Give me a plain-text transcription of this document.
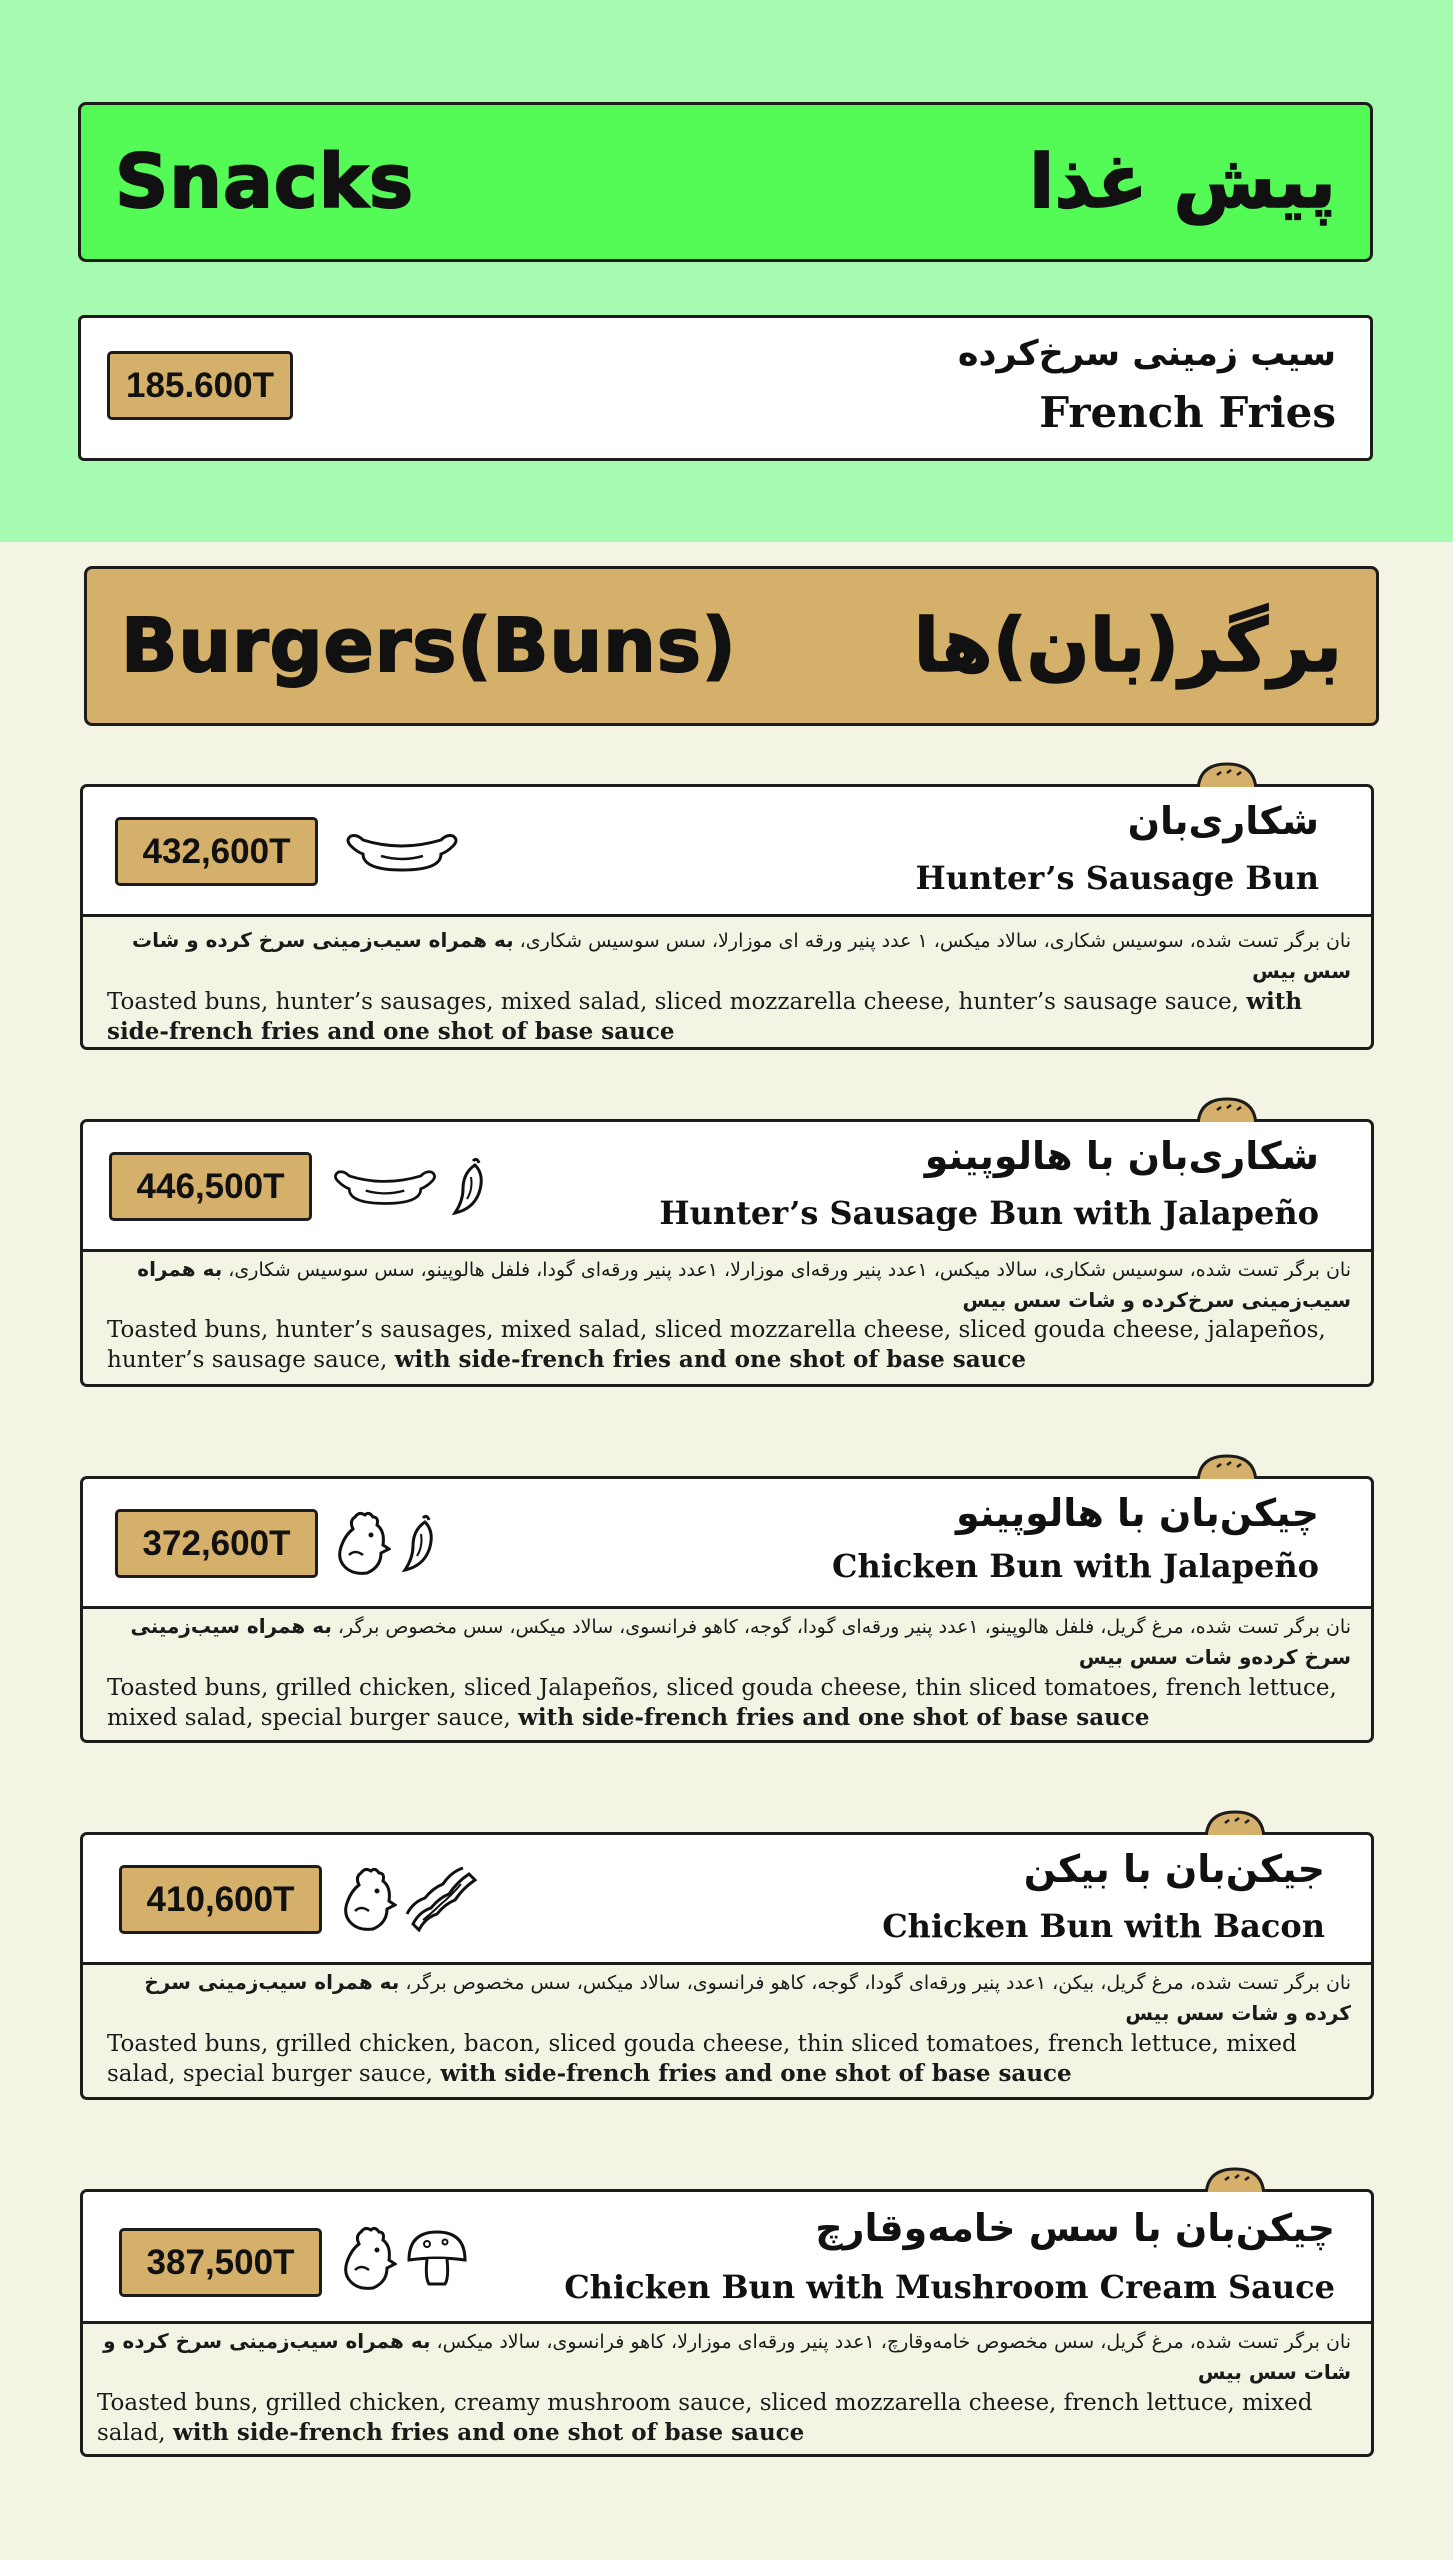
Snacks	پیش غذا
185.600T
سیب زمینی سرخ‌کرده
French Fries
Burgers(Buns) برگر(بان)ها
432,600T
شکاری‌بان
Hunter’s Sausage Bun
نان برگر تست شده، سوسیس شکاری، سالاد میکس، ۱ عدد پنیر ورقه ای موزارلا، سس سوسیس شکاری، به همراه سیب‌زمینی سرخ کرده و شات سس بیس
Toasted buns, hunter’s sausages, mixed salad, sliced mozzarella cheese, hunter’s sausage sauce, with side-french fries and one shot of base sauce
446,500T
شکاری‌بان با هالوپینو
Hunter’s Sausage Bun with Jalapeño
نان برگر تست شده، سوسیس شکاری، سالاد میکس، ۱عدد پنیر ورقه‌ای موزارلا، ۱عدد پنیر ورقه‌ای گودا، فلفل هالوپینو، سس سوسیس شکاری، به همراه سیب‌زمینی سرخ‌کرده و شات سس بیس
Toasted buns, hunter’s sausages, mixed salad, sliced mozzarella cheese, sliced gouda cheese, jalapeños, hunter’s sausage sauce, with side-french fries and one shot of base sauce
372,600T
چیکن‌بان با هالوپینو
Chicken Bun with Jalapeño
نان برگر تست شده، مرغ گریل، فلفل هالوپینو، ۱عدد پنیر ورقه‌ای گودا، گوجه، کاهو فرانسوی، سالاد میکس، سس مخصوص برگر، به همراه سیب‌زمینی سرخ کرده‌و شات سس بیس
Toasted buns, grilled chicken, sliced Jalapeños, sliced gouda cheese, thin sliced tomatoes, french lettuce, mixed salad, special burger sauce, with side-french fries and one shot of base sauce
410,600T
جیکن‌بان با بیکن
Chicken Bun with Bacon
نان برگر تست شده، مرغ گریل، بیکن، ۱عدد پنیر ورقه‌ای گودا، گوجه، کاهو فرانسوی، سالاد میکس، سس مخصوص برگر، به همراه سیب‌زمینی سرخ کرده و شات سس بیس
Toasted buns, grilled chicken, bacon, sliced gouda cheese, thin sliced tomatoes, french lettuce, mixed salad, special burger sauce, with side-french fries and one shot of base sauce
387,500T
چیکن‌بان با سس خامه‌وقارچ
Chicken Bun with Mushroom Cream Sauce
نان برگر تست شده، مرغ گریل، سس مخصوص خامه‌وقارچ، ۱عدد پنیر ورقه‌ای موزارلا، کاهو فرانسوی، سالاد میکس، به همراه سیب‌زمینی سرخ کرده و شات سس بیس
Toasted buns, grilled chicken, creamy mushroom sauce, sliced mozzarella cheese, french lettuce, mixed salad, with side-french fries and one shot of base sauce
